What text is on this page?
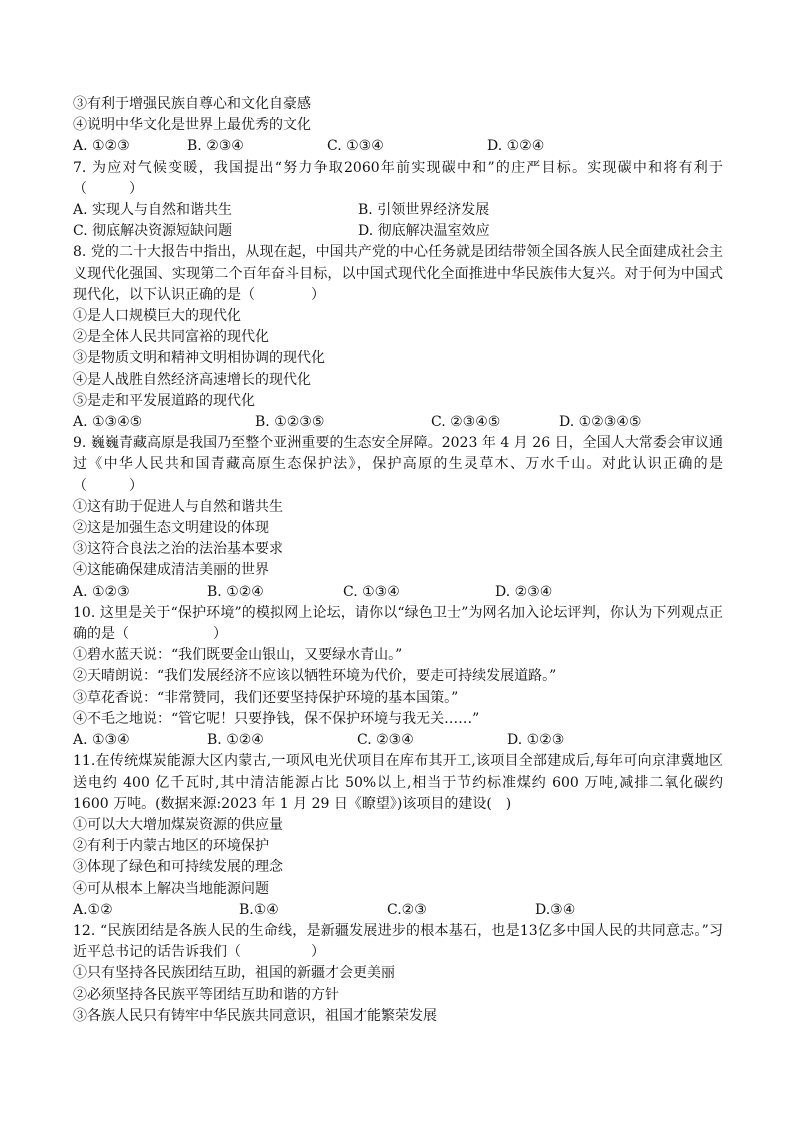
③有利于增强民族自尊心和文化自豪感
④说明中华文化是世界上最优秀的文化
A. ①②③	B. ②③④	C. ①③④	D. ①②④
7. 为应对气候变暖，我国提出“努力争取2060年前实现碳中和”的庄严目标。实现碳中和将有利于（　　　）
A. 实现人与自然和谐共生	B. 引领世界经济发展
C. 彻底解决资源短缺问题	D. 彻底解决温室效应
8. 党的二十大报告中指出，从现在起，中国共产党的中心任务就是团结带领全国各族人民全面建成社会主义现代化强国、实现第二个百年奋斗目标，以中国式现代化全面推进中华民族伟大复兴。对于何为中国式现代化，以下认识正确的是（　　　　）
①是人口规模巨大的现代化
②是全体人民共同富裕的现代化
③是物质文明和精神文明相协调的现代化
④是人战胜自然经济高速增长的现代化
⑤是走和平发展道路的现代化
A. ①③④⑤	B. ①②③⑤	C. ②③④⑤	D. ①②③④⑤
9. 巍巍青藏高原是我国乃至整个亚洲重要的生态安全屏障。2023 年 4 月 26 日，全国人大常委会审议通过《中华人民共和国青藏高原生态保护法》，保护高原的生灵草木、万水千山。对此认识正确的是（　　　）
①这有助于促进人与自然和谐共生
②这是加强生态文明建设的体现
③这符合良法之治的法治基本要求
④这能确保建成清洁美丽的世界
A. ①②③	B. ①②④	C. ①③④	D. ②③④
10. 这里是关于“保护环境”的模拟网上论坛，请你以“绿色卫士”为网名加入论坛评判，你认为下列观点正确的是（　　　　　　）
①碧水蓝天说：“我们既要金山银山，又要绿水青山。”
②天晴朗说：“我们发展经济不应该以牺牲环境为代价，要走可持续发展道路。”
③草花香说：“非常赞同，我们还要坚持保护环境的基本国策。”
④不毛之地说：“管它呢！只要挣钱，保不保护环境与我无关……”
A. ①③④	B. ①②④	C. ②③④	D. ①②③
11.在传统煤炭能源大区内蒙古,一项风电光伏项目在库布其开工,该项目全部建成后,每年可向京津冀地区送电约 400 亿千瓦时,其中清洁能源占比 50%以上,相当于节约标准煤约 600 万吨,减排二氧化碳约 1600 万吨。(数据来源:2023 年 1 月 29 日《瞭望》)该项目的建设(　)
①可以大大增加煤炭资源的供应量
②有利于内蒙古地区的环境保护
③体现了绿色和可持续发展的理念
④可从根本上解决当地能源问题
A.①②	B.①④	C.②③	D.③④
12. “民族团结是各族人民的生命线，是新疆发展进步的根本基石，也是13亿多中国人民的共同意志。”习近平总书记的话告诉我们（　　　　　）
①只有坚持各民族团结互助，祖国的新疆才会更美丽
②必须坚持各民族平等团结互助和谐的方针
③各族人民只有铸牢中华民族共同意识，祖国才能繁荣发展
